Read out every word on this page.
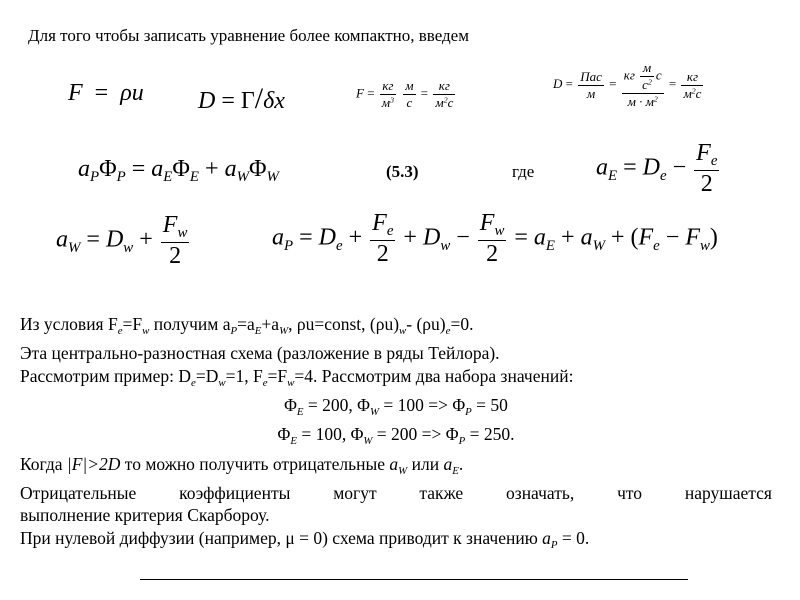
Для того чтобы записать уравнение более компактно, введем
F  =  ρu D = Γ/δx	$F = \frac{кг}{м^3}$
$\frac{м}{с} = \frac{кг}{м^2с}$	$D = \frac{\text{Пас}}{м} = \frac{кг \frac{м}{с^2} с}{м \cdot м^2} = \frac{кг}{м^2с}$
$a_P\Phi_P = a_E\Phi_E + a_W\Phi_W$	(5.3)	где	$a_E = D_e - \frac{F_e}{2}$
$a_W = D_w + \frac{F_w}{2}$	$a_P = D_e + \frac{F_e}{2} + D_w - \frac{F_w}{2} = a_E + a_W + (F_e - F_w)$
Из условия $F_e=F_w$ получим $a_P=a_E+a_W$, ρu=const, $(\rho u)_w-$ $(\rho u)_e=0$.
Эта центрально-разностная схема (разложение в ряды Тейлора).
Рассмотрим пример: $D_e=D_w=1$, $F_e=F_w=4$. Рассмотрим два набора значений:
$\Phi_E = 200$, $\Phi_W = 100 => \Phi_P = 50$
$\Phi_E = 100$, $\Phi_W = 200 => \Phi_P = 250$.
Когда |F|>2D то можно получить отрицательные $a_W$ или $a_E$.
Отрицательные коэффициенты могут также означать, что нарушается
выполнение критерия Скарбороу.
При нулевой диффузии (например, μ = 0) схема приводит к значению $a_P = 0$.
